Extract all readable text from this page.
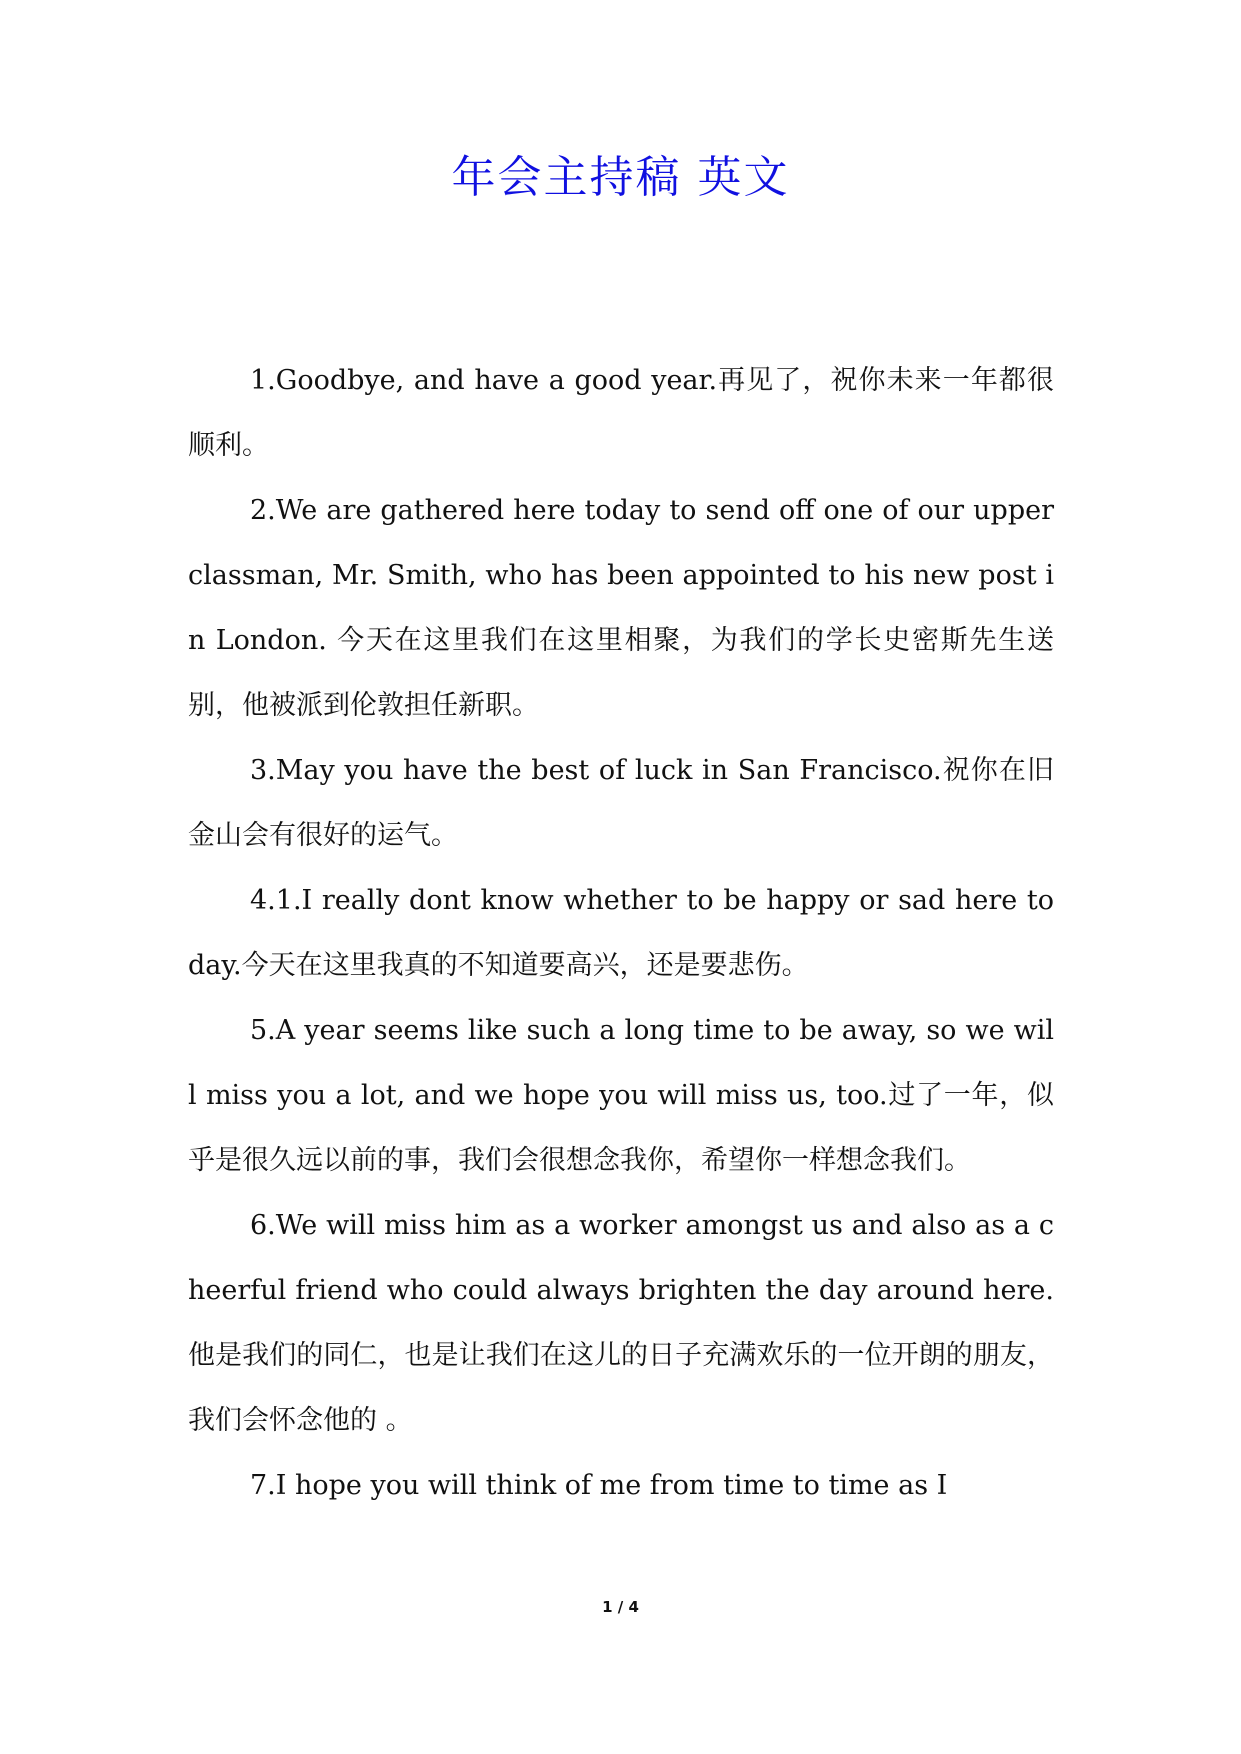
年会主持稿 英文

1.Goodbye, and have a good year.再见了，祝你未来一年都很顺利。

2.We are gathered here today to send off one of our upperclassman, Mr. Smith, who has been appointed to his new post in London. 今天在这里我们在这里相聚，为我们的学长史密斯先生送别，他被派到伦敦担任新职。

3.May you have the best of luck in San Francisco.祝你在旧金山会有很好的运气。

4.1.I really dont know whether to be happy or sad here today.今天在这里我真的不知道要高兴，还是要悲伤。

5.A year seems like such a long time to be away, so we will miss you a lot, and we hope you will miss us, too.过了一年，似乎是很久远以前的事，我们会很想念我你，希望你一样想念我们。

6.We will miss him as a worker amongst us and also as a cheerful friend who could always brighten the day around here.他是我们的同仁，也是让我们在这儿的日子充满欢乐的一位开朗的朋友，我们会怀念他的 。

7.I hope you will think of me from time to time as I

1 / 4
